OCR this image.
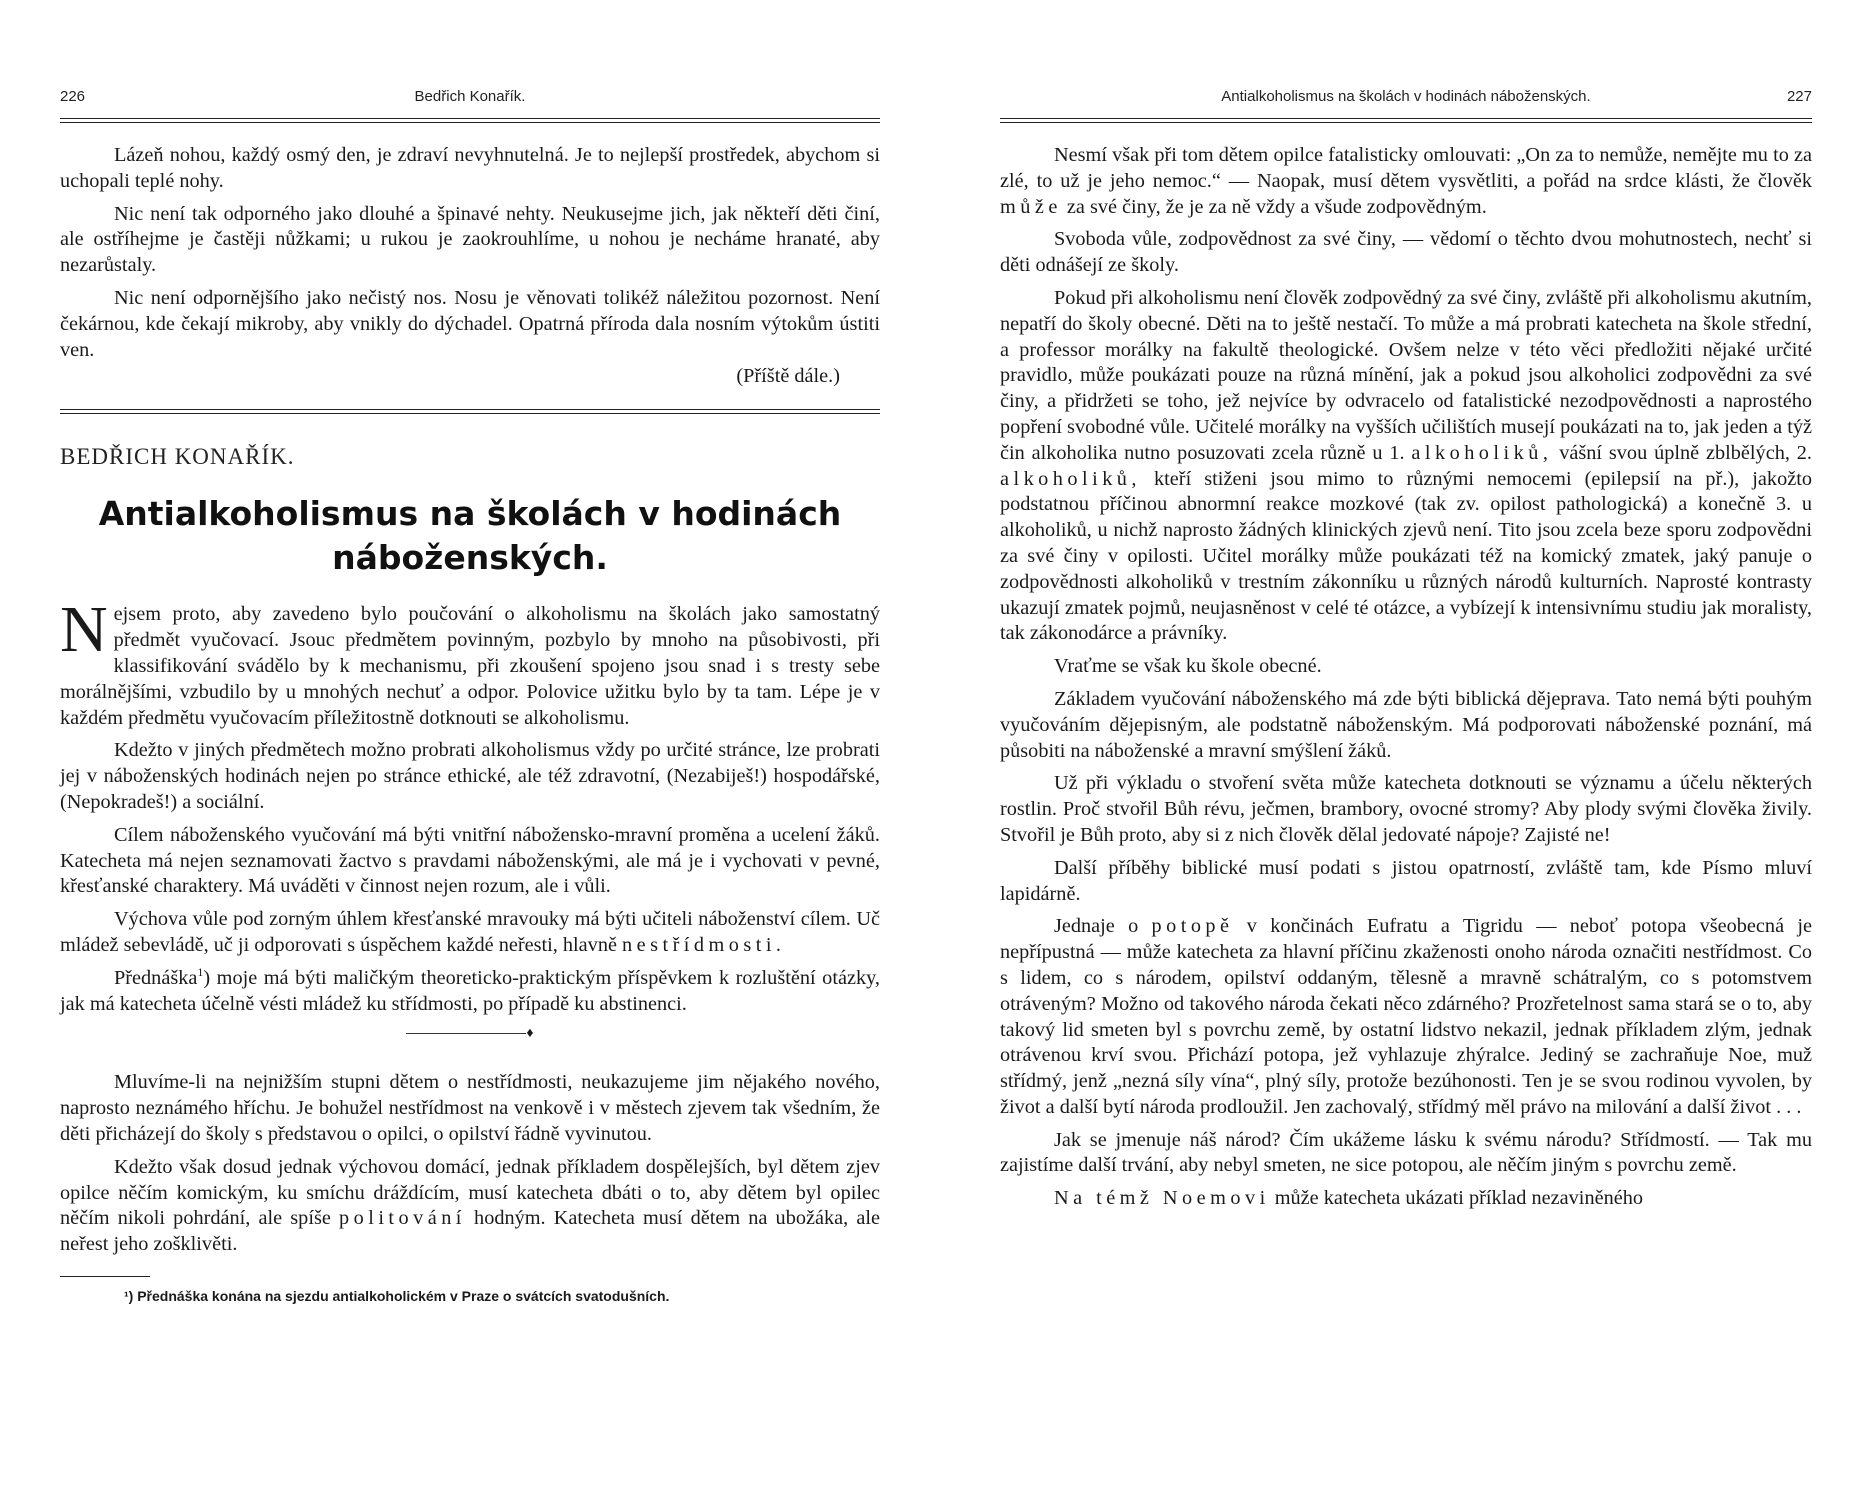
226	Bedřich Konařík.

Lázeň nohou, každý osmý den, je zdraví nevyhnutelná. Je to nejlepší prostředek, abychom si uchopali teplé nohy.

Nic není tak odporného jako dlouhé a špinavé nehty. Neukusejme jich, jak někteří děti činí, ale ostříhejme je častěji nůžkami; u rukou je zaokrouhlíme, u nohou je necháme hranaté, aby nezarůstaly.

Nic není odpornějšího jako nečistý nos. Nosu je věnovati tolikéž náležitou pozornost. Není čekárnou, kde čekají mikroby, aby vnikly do dýchadel. Opatrná příroda dala nosním výtokům ústiti ven.

(Příště dále.)

BEDŘICH KONAŘÍK.
Antialkoholismus na školách v hodinách náboženských.

Nejsem proto, aby zavedeno bylo poučování o alkoholismu na školách jako samostatný předmět vyučovací. Jsouc předmětem povinným, pozbylo by mnoho na působivosti, při klassifikování svádělo by k mechanismu, při zkoušení spojeno jsou snad i s tresty sebe morálnějšími, vzbudilo by u mnohých nechuť a odpor. Polovice užitku bylo by ta tam. Lépe je v každém předmětu vyučovacím příležitostně dotknouti se alkoholismu.

Kdežto v jiných předmětech možno probrati alkoholismus vždy po určité stránce, lze probrati jej v náboženských hodinách nejen po stránce ethické, ale též zdravotní, (Nezabiješ!) hospodářské, (Nepokradeš!) a sociální.

Cílem náboženského vyučování má býti vnitřní nábožensko-mravní proměna a ucelení žáků. Katecheta má nejen seznamovati žactvo s pravdami náboženskými, ale má je i vychovati v pevné, křesťanské charaktery. Má uváděti v činnost nejen rozum, ale i vůli.

Výchova vůle pod zorným úhlem křesťanské mravouky má býti učiteli náboženství cílem. Uč mládež sebevládě, uč ji odporovati s úspěchem každé neřesti, hlavně nestřídmosti.

Přednáška$^1$) moje má býti maličkým theoreticko-praktickým příspěvkem k rozluštění otázky, jak má katecheta účelně vésti mládež ku střídmosti, po případě ku abstinenci.

♦

Mluvíme-li na nejnižším stupni dětem o nestřídmosti, neukazujeme jim nějakého nového, naprosto neznámého hříchu. Je bohužel nestřídmost na venkově i v městech zjevem tak všedním, že děti přicházejí do školy s představou o opilci, o opilství řádně vyvinutou.

Kdežto však dosud jednak výchovou domácí, jednak příkladem dospělejších, byl dětem zjev opilce něčím komickým, ku smíchu dráždícím, musí katecheta dbáti o to, aby dětem byl opilec něčím nikoli pohrdání, ale spíše politování hodným. Katecheta musí dětem na ubožáka, ale neřest jeho zošklivěti.

¹) Přednáška konána na sjezdu antialkoholickém v Praze o svátcích svatodušních.
Antialkoholismus na školách v hodinách náboženských.	227

Nesmí však při tom dětem opilce fatalisticky omlouvati: „On za to nemůže, nemějte mu to za zlé, to už je jeho nemoc.“ — Naopak, musí dětem vysvětliti, a pořád na srdce klásti, že člověk může za své činy, že je za ně vždy a všude zodpovědným.

Svoboda vůle, zodpovědnost za své činy, — vědomí o těchto dvou mohutnostech, nechť si děti odnášejí ze školy.

Pokud při alkoholismu není člověk zodpovědný za své činy, zvláště při alkoholismu akutním, nepatří do školy obecné. Děti na to ještě nestačí. To může a má probrati katecheta na škole střední, a professor morálky na fakultě theologické. Ovšem nelze v této věci předložiti nějaké určité pravidlo, může poukázati pouze na různá mínění, jak a pokud jsou alkoholici zodpovědni za své činy, a přidržeti se toho, jež nejvíce by odvracelo od fatalistické nezodpovědnosti a naprostého popření svobodné vůle. Učitelé morálky na vyšších učilištích musejí poukázati na to, jak jeden a týž čin alkoholika nutno posuzovati zcela různě u 1. alkoholiků, vášní svou úplně zblbělých, 2. alkoholiků, kteří stiženi jsou mimo to různými nemocemi (epilepsií na př.), jakožto podstatnou příčinou abnormní reakce mozkové (tak zv. opilost pathologická) a konečně 3. u alkoholiků, u nichž naprosto žádných klinických zjevů není. Tito jsou zcela beze sporu zodpovědni za své činy v opilosti. Učitel morálky může poukázati též na komický zmatek, jaký panuje o zodpovědnosti alkoholiků v trestním zákonníku u různých národů kulturních. Naprosté kontrasty ukazují zmatek pojmů, neujasněnost v celé té otázce, a vybízejí k intensivnímu studiu jak moralisty, tak zákonodárce a právníky.

Vraťme se však ku škole obecné.

Základem vyučování náboženského má zde býti biblická dějeprava. Tato nemá býti pouhým vyučováním dějepisným, ale podstatně náboženským. Má podporovati náboženské poznání, má působiti na náboženské a mravní smýšlení žáků.

Už při výkladu o stvoření světa může katecheta dotknouti se významu a účelu některých rostlin. Proč stvořil Bůh révu, ječmen, brambory, ovocné stromy? Aby plody svými člověka živily. Stvořil je Bůh proto, aby si z nich člověk dělal jedovaté nápoje? Zajisté ne!

Další příběhy biblické musí podati s jistou opatrností, zvláště tam, kde Písmo mluví lapidárně.

Jednaje o potopě v končinách Eufratu a Tigridu — neboť potopa všeobecná je nepřípustná — může katecheta za hlavní příčinu zkaženosti onoho národa označiti nestřídmost. Co s lidem, co s národem, opilství oddaným, tělesně a mravně schátralým, co s potomstvem otráveným? Možno od takového národa čekati něco zdárného? Prozřetelnost sama stará se o to, aby takový lid smeten byl s povrchu země, by ostatní lidstvo nekazil, jednak příkladem zlým, jednak otrávenou krví svou. Přichází potopa, jež vyhlazuje zhýralce. Jediný se zachraňuje Noe, muž střídmý, jenž „nezná síly vína“, plný síly, protože bezúhonosti. Ten je se svou rodinou vyvolen, by život a další bytí národa prodloužil. Jen zachovalý, střídmý měl právo na milování a další život . . .

Jak se jmenuje náš národ? Čím ukážeme lásku k svému národu? Střídmostí. — Tak mu zajistíme další trvání, aby nebyl smeten, ne sice potopou, ale něčím jiným s povrchu země.

Na témž Noemovi může katecheta ukázati příklad nezaviněného
